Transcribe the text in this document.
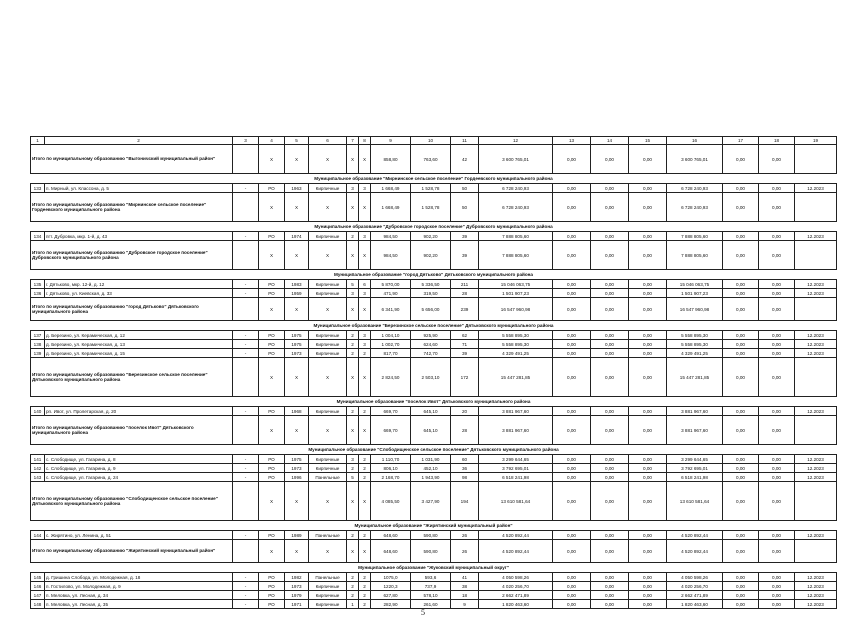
1	2	3	4	5	6	7	8	9	10	11	12	13	14	15	16	17	18	19
Итого по муниципальному образованию "Выгоничский муниципальный район"			X	X	X	X	X	858,80	763,60	42	3 600 765,01	0,00	0,00	0,00	3 600 765,01	0,00	0,00	
Муниципальное образование "Мирнинское сельское поселение" Гордеевского муниципального района																		
133	п. Мирный, ул. Классона, д. 5	-	РО	1963	Кирпичные	3	3	1 668,49	1 528,78	50	6 728 240,93	0,00	0,00	0,00	6 728 240,93	0,00	0,00	12.2023
Итого по муниципальному образованию "Мирнинское сельское поселение" Гордеевского муниципального района			X	X	X	X	X	1 668,49	1 528,78	50	6 728 240,93	0,00	0,00	0,00	6 728 240,93	0,00	0,00	
Муниципальное образование "Дубровское городское поселение" Дубровского муниципального района																		
134	пгт. Дубровка, мкр. 1-й, д. 43	-	РО	1974	Кирпичные	2	3	984,50	902,20	39	7 888 805,60	0,00	0,00	0,00	7 888 805,60	0,00	0,00	12.2023
Итого по муниципальному образованию "Дубровское городское поселение" Дубровского муниципального района			X	X	X	X	X	984,50	902,20	39	7 888 805,60	0,00	0,00	0,00	7 888 805,60	0,00	0,00	
Муниципальное образование "город Дятьково" Дятьковского муниципального района																		
135	г. Дятьково, мкр. 12-й, д. 12	-	РО	1983	Кирпичные	5	6	5 870,00	5 336,50	211	15 046 063,75	0,00	0,00	0,00	15 046 063,75	0,00	0,00	12.2023
136	г. Дятьково, ул. Киевская, д. 33	-	РО	1959	Кирпичные	3	3	471,90	319,50	28	1 501 907,23	0,00	0,00	0,00	1 501 907,23	0,00	0,00	12.2023
Итого по муниципальному образованию "город Дятьково" Дятьковского муниципального района			X	X	X	X	X	6 341,90	5 656,00	239	16 547 960,98	0,00	0,00	0,00	16 547 960,98	0,00	0,00	
Муниципальное образование "Березинское сельское поселение" Дятьковского муниципального района																		
137	д. Березино, ул. Керамическая, д. 12	-	РО	1975	Кирпичные	2	3	1 004,10	925,90	62	5 558 895,30	0,00	0,00	0,00	5 558 895,30	0,00	0,00	12.2023
138	д. Березино, ул. Керамическая, д. 13	-	РО	1975	Кирпичные	2	3	1 002,70	624,60	71	5 558 895,30	0,00	0,00	0,00	5 558 895,30	0,00	0,00	12.2023
139	д. Березино, ул. Керамическая, д. 15	-	РО	1973	Кирпичные	2	2	817,70	742,70	39	4 329 491,25	0,00	0,00	0,00	4 329 491,25	0,00	0,00	12.2023
Итого по муниципальному образованию "Березинское сельское поселение" Дятьковского муниципального района			X	X	X	X	X	2 824,50	2 503,10	172	15 447 281,85	0,00	0,00	0,00	15 447 281,85	0,00	0,00	
Муниципальное образование "поселок Ивот" Дятьковского муниципального района																		
140	рп. Ивот, ул. Пролетарская, д. 20	-	РО	1968	Кирпичные	2	2	669,70	645,10	20	3 881 967,60	0,00	0,00	0,00	3 881 967,60	0,00	0,00	12.2023
Итого по муниципальному образованию "поселок Ивот" Дятьковского муниципального района			X	X	X	X	X	669,70	645,10	28	3 881 967,60	0,00	0,00	0,00	3 881 967,60	0,00	0,00	
Муниципальное образование "Слободищенское сельское поселение" Дятьковского муниципального района																		
141	с. Слободище, ул. Гагарина, д. 8	-	РО	1975	Кирпичные	3	2	1 110,70	1 031,90	60	3 299 644,65	0,00	0,00	0,00	3 299 644,65	0,00	0,00	12.2023
142	с. Слободище, ул. Гагарина, д. 9	-	РО	1973	Кирпичные	2	2	806,10	452,10	36	3 792 695,01	0,00	0,00	0,00	3 792 695,01	0,00	0,00	12.2023
143	с. Слободище, ул. Гагарина, д. 24	-	РО	1996	Панельные	5	2	2 168,70	1 943,90	98	6 518 241,98	0,00	0,00	0,00	6 518 241,98	0,00	0,00	12.2023
Итого по муниципальному образованию "Слободищенское сельское поселение" Дятьковского муниципального района			X	X	X	X	X	4 085,50	3 427,90	194	13 610 581,64	0,00	0,00	0,00	13 610 581,64	0,00	0,00	
Муниципальное образование "Жирятинский муниципальный район"																		
144	с. Жирятино, ул. Ленина, д. 51	-	РО	1989	Панельные	2	2	648,60	590,80	26	4 520 892,44	0,00	0,00	0,00	4 520 892,44	0,00	0,00	12.2023
Итого по муниципальному образованию "Жирятинский муниципальный район"			X	X	X	X	X	648,60	590,80	26	4 520 892,44	0,00	0,00	0,00	4 520 892,44	0,00	0,00	
Муниципальное образование "Жуковский муниципальный округ"																		
145	д. Гришина Слобода, ул. Молодежная, д. 18	-	РО	1982	Панельные	2	2	1075,0	593,6	41	4 050 598,26	0,00	0,00	0,00	4 050 598,26	0,00	0,00	12.2023
146	п. Гостилово, ул. Молодежная, д. 9	-	РО	1973	Кирпичные	2	2	1220,3	737,9	38	4 020 256,70	0,00	0,00	0,00	4 020 256,70	0,00	0,00	12.2023
147	п. Меловка, ул. Лесная, д. 34	-	РО	1979	Кирпичные	2	2	627,80	578,10	18	2 662 471,89	0,00	0,00	0,00	2 662 471,89	0,00	0,00	12.2023
148	п. Меловка, ул. Лесная, д. 35	-	РО	1971	Кирпичные	1	2	282,90	261,60	9	1 820 463,60	0,00	0,00	0,00	1 820 463,60	0,00	0,00	12.2023
5
